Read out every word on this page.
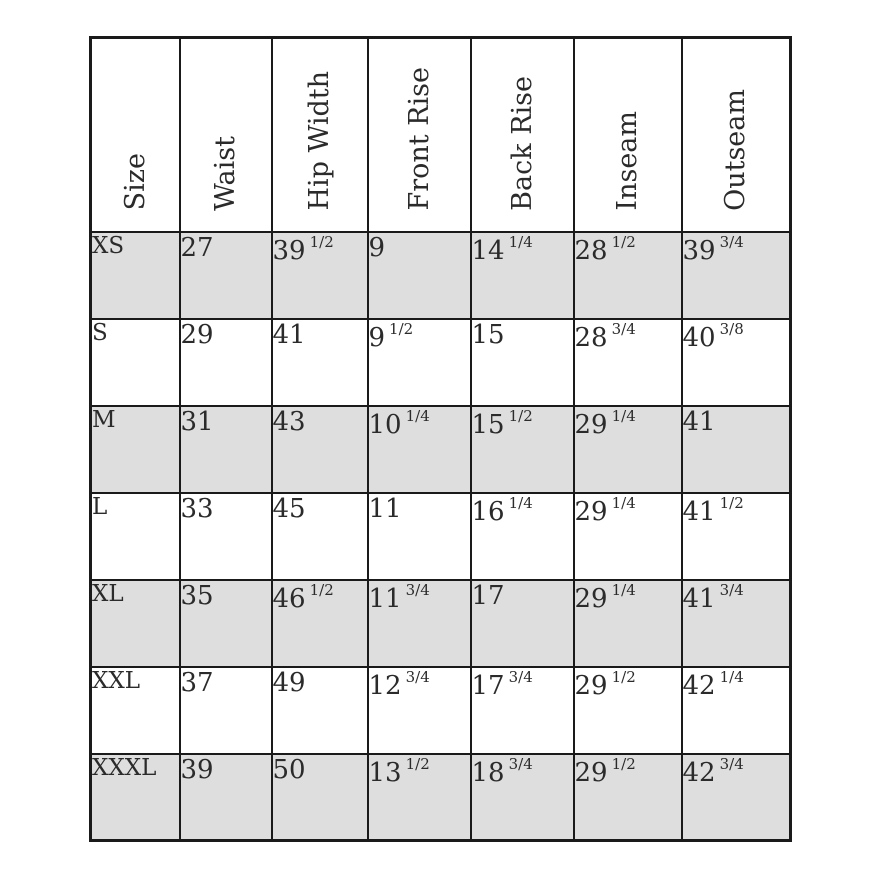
Size	Waist	Hip Width	Front Rise	Back Rise	Inseam	Outseam

XS	27	39 $^{1/2}$	9	14 $^{1/4}$	28 $^{1/2}$	39 $^{3/4}$
S	29	41	9 $^{1/2}$	15	28 $^{3/4}$	40 $^{3/8}$
M	31	43	10 $^{1/4}$	15 $^{1/2}$	29 $^{1/4}$	41
L	33	45	11	16 $^{1/4}$	29 $^{1/4}$	41 $^{1/2}$
XL	35	46 $^{1/2}$	11 $^{3/4}$	17	29 $^{1/4}$	41 $^{3/4}$
XXL	37	49	12 $^{3/4}$	17 $^{3/4}$	29 $^{1/2}$	42 $^{1/4}$
XXXL	39	50	13 $^{1/2}$	18 $^{3/4}$	29 $^{1/2}$	42 $^{3/4}$
